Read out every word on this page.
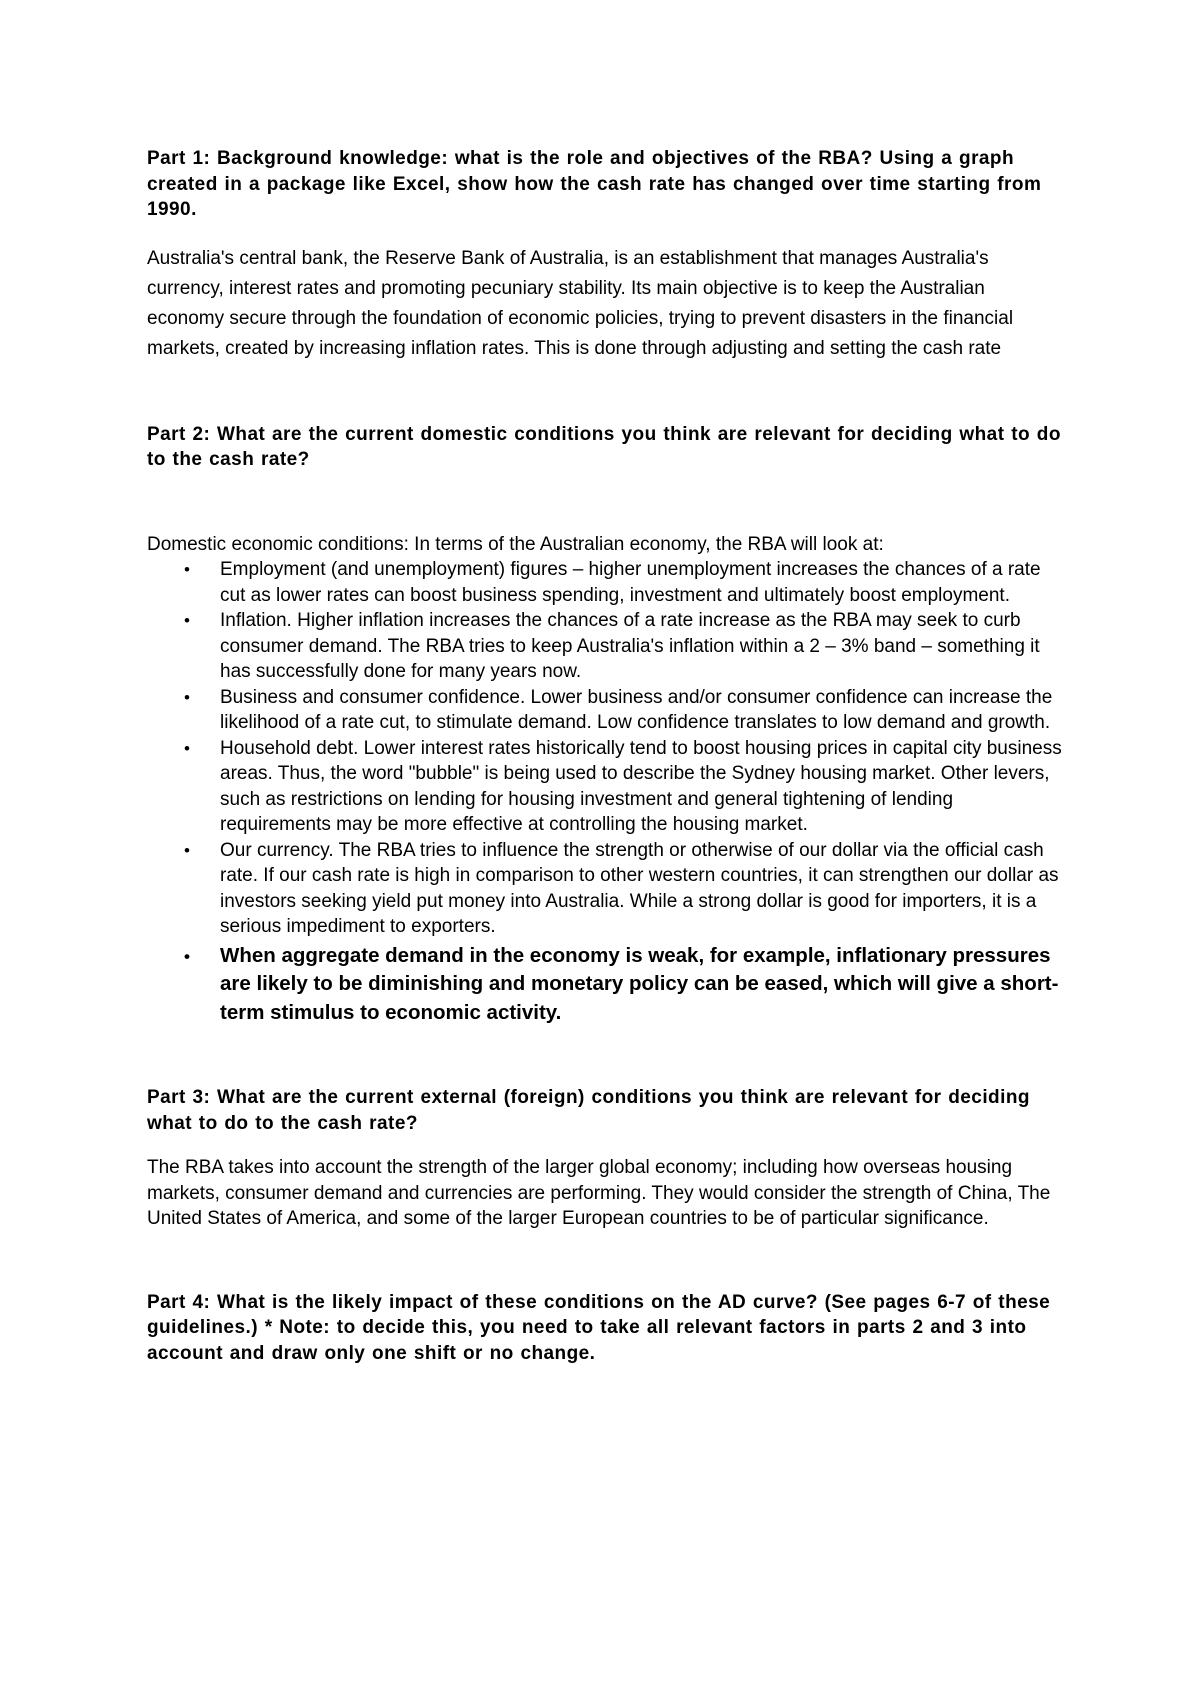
Part 1: Background knowledge: what is the role and objectives of the RBA? Using a graph created in a package like Excel, show how the cash rate has changed over time starting from 1990.

Australia's central bank, the Reserve Bank of Australia, is an establishment that manages Australia's currency, interest rates and promoting pecuniary stability. Its main objective is to keep the Australian economy secure through the foundation of economic policies, trying to prevent disasters in the financial markets, created by increasing inflation rates. This is done through adjusting and setting the cash rate

Part 2: What are the current domestic conditions you think are relevant for deciding what to do to the cash rate?

Domestic economic conditions: In terms of the Australian economy, the RBA will look at:

• Employment (and unemployment) figures – higher unemployment increases the chances of a rate cut as lower rates can boost business spending, investment and ultimately boost employment.
• Inflation. Higher inflation increases the chances of a rate increase as the RBA may seek to curb consumer demand. The RBA tries to keep Australia's inflation within a 2 – 3% band – something it has successfully done for many years now.
• Business and consumer confidence. Lower business and/or consumer confidence can increase the likelihood of a rate cut, to stimulate demand. Low confidence translates to low demand and growth.
• Household debt. Lower interest rates historically tend to boost housing prices in capital city business areas. Thus, the word "bubble" is being used to describe the Sydney housing market. Other levers, such as restrictions on lending for housing investment and general tightening of lending requirements may be more effective at controlling the housing market.
• Our currency. The RBA tries to influence the strength or otherwise of our dollar via the official cash rate. If our cash rate is high in comparison to other western countries, it can strengthen our dollar as investors seeking yield put money into Australia. While a strong dollar is good for importers, it is a serious impediment to exporters.
• When aggregate demand in the economy is weak, for example, inflationary pressures are likely to be diminishing and monetary policy can be eased, which will give a short-term stimulus to economic activity.

Part 3: What are the current external (foreign) conditions you think are relevant for deciding what to do to the cash rate?

The RBA takes into account the strength of the larger global economy; including how overseas housing markets, consumer demand and currencies are performing. They would consider the strength of China, The United States of America, and some of the larger European countries to be of particular significance.

Part 4: What is the likely impact of these conditions on the AD curve? (See pages 6-7 of these guidelines.) * Note: to decide this, you need to take all relevant factors in parts 2 and 3 into account and draw only one shift or no change.
